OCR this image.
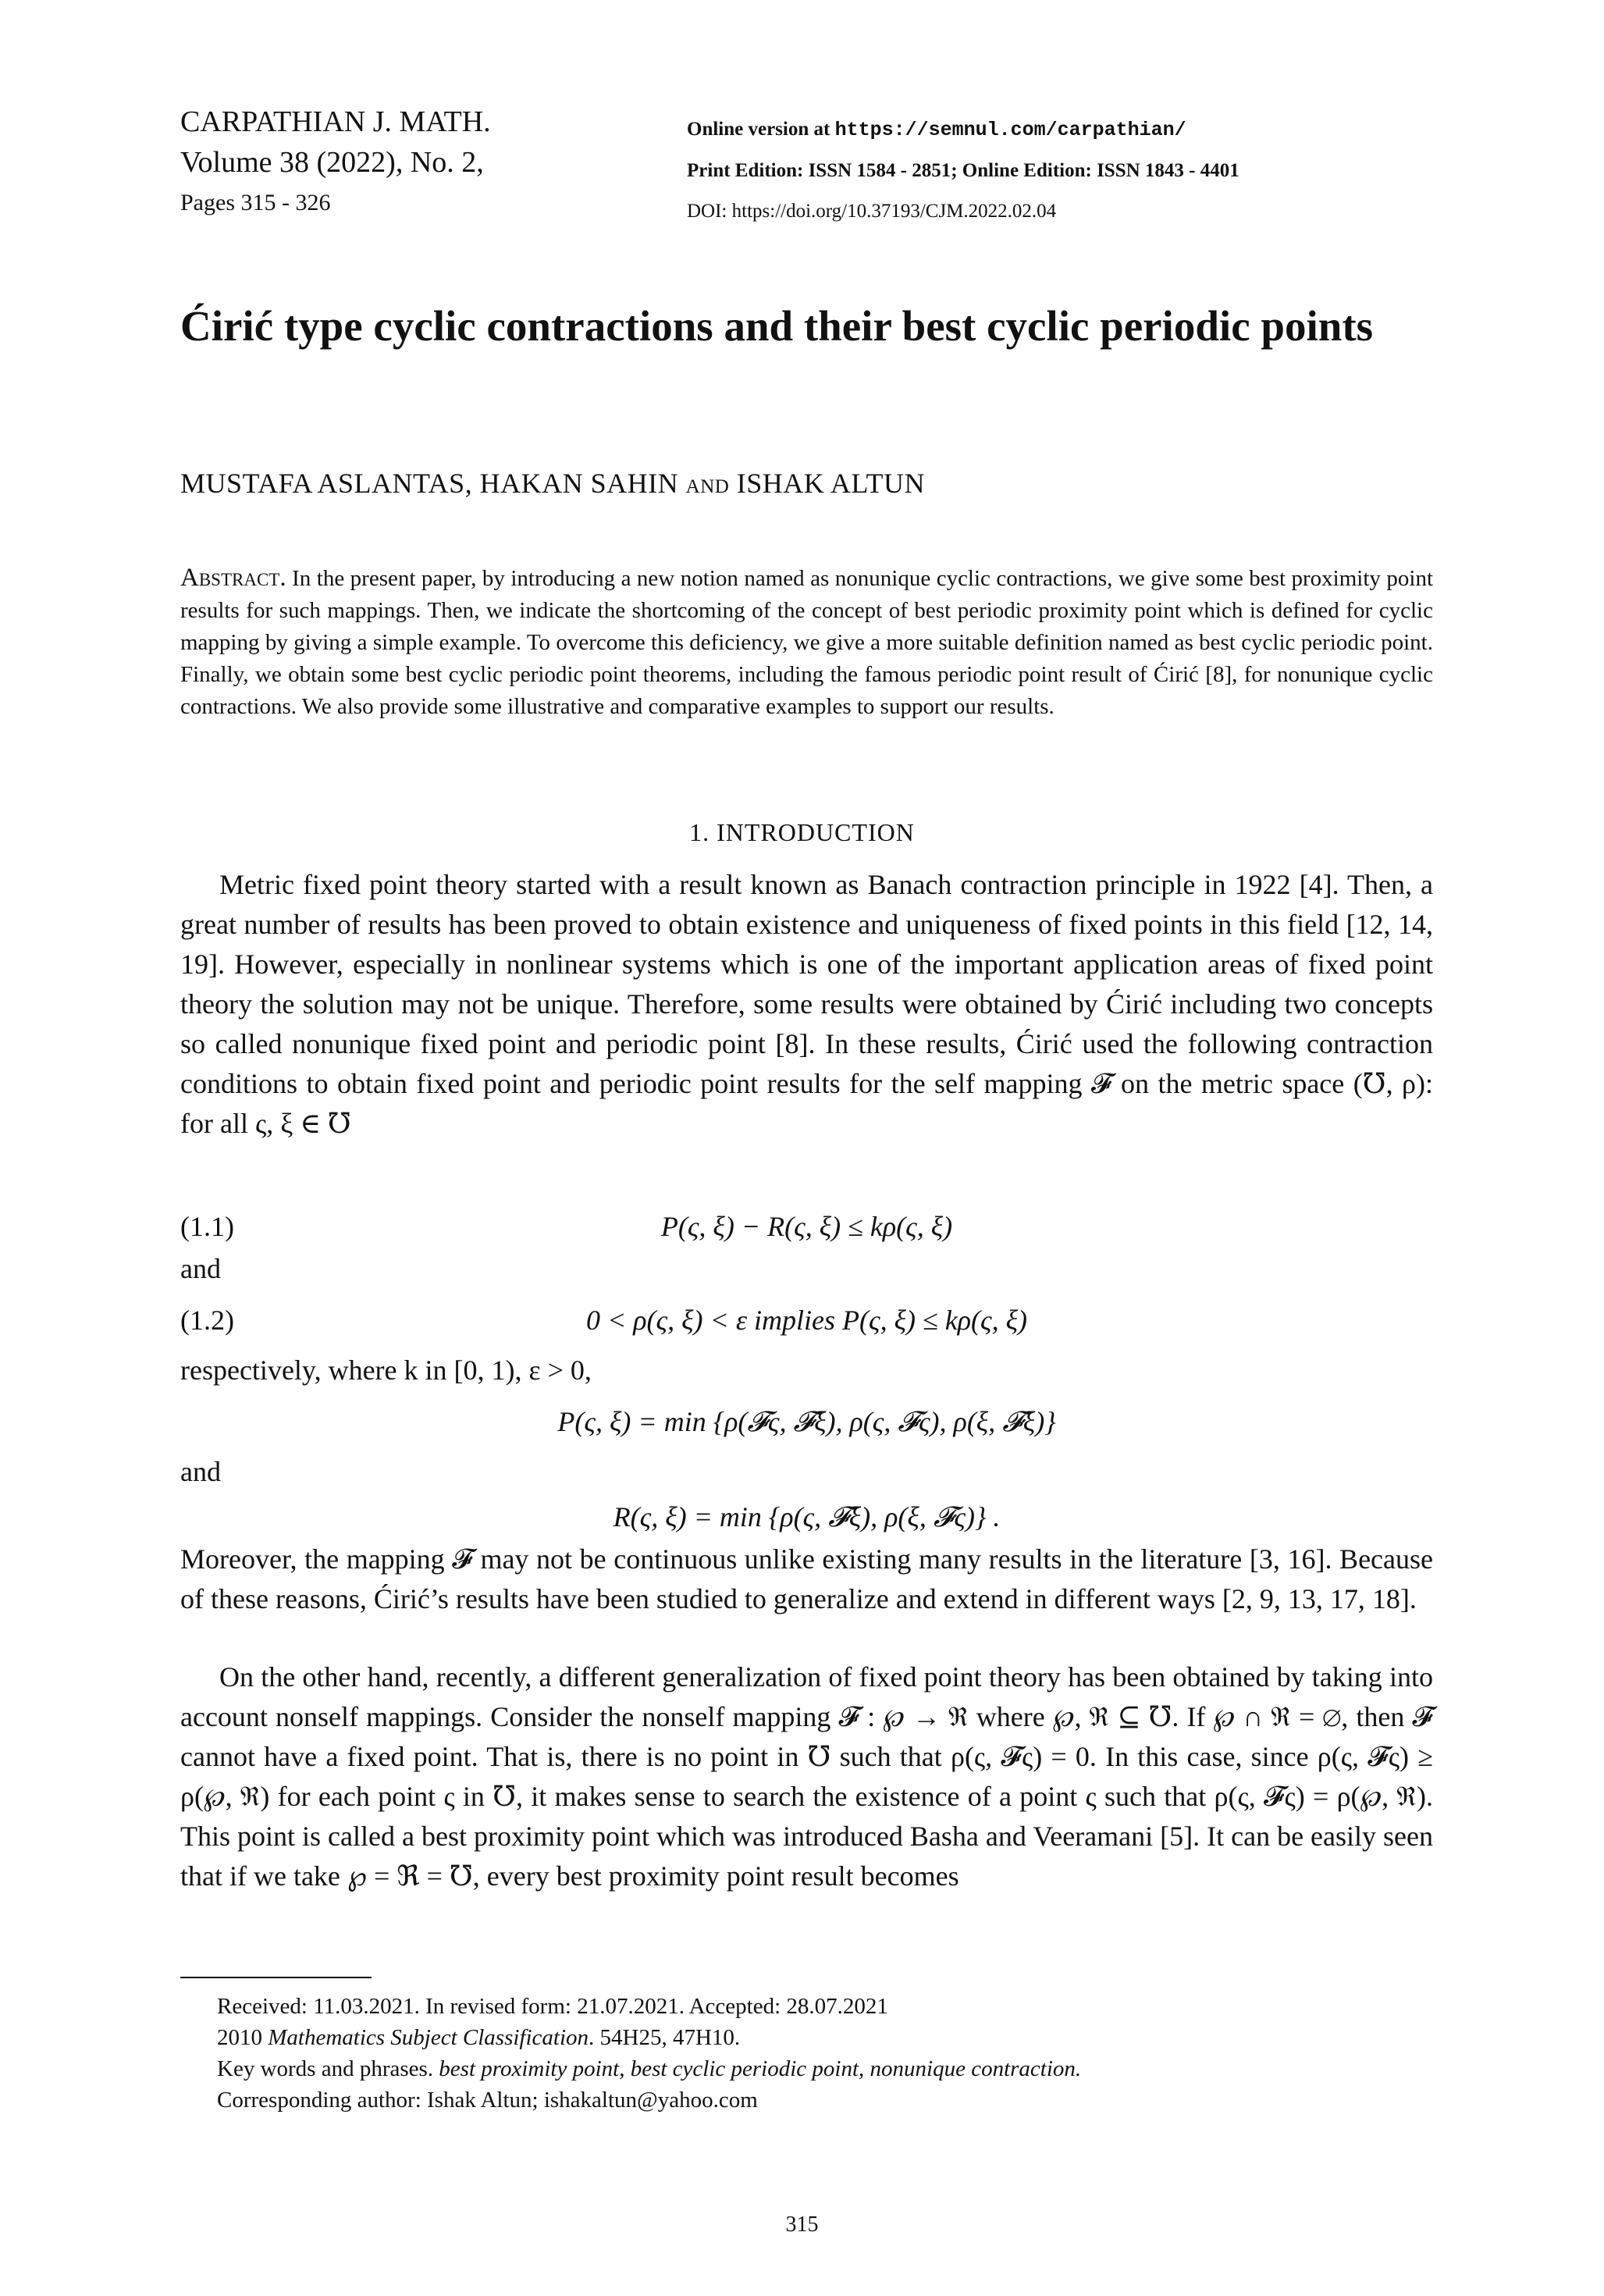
CARPATHIAN J. MATH.
Volume 38 (2022), No. 2,
Pages 315 - 326
Online version at https://semnul.com/carpathian/
Print Edition: ISSN 1584 - 2851; Online Edition: ISSN 1843 - 4401
DOI: https://doi.org/10.37193/CJM.2022.02.04
Ćirić type cyclic contractions and their best cyclic periodic points
MUSTAFA ASLANTAS, HAKAN SAHIN and ISHAK ALTUN
Abstract. In the present paper, by introducing a new notion named as nonunique cyclic contractions, we give some best proximity point results for such mappings. Then, we indicate the shortcoming of the concept of best periodic proximity point which is defined for cyclic mapping by giving a simple example. To overcome this deficiency, we give a more suitable definition named as best cyclic periodic point. Finally, we obtain some best cyclic periodic point theorems, including the famous periodic point result of Ćirić [8], for nonunique cyclic contractions. We also provide some illustrative and comparative examples to support our results.
1. INTRODUCTION
Metric fixed point theory started with a result known as Banach contraction principle in 1922 [4]. Then, a great number of results has been proved to obtain existence and uniqueness of fixed points in this field [12, 14, 19]. However, especially in nonlinear systems which is one of the important application areas of fixed point theory the solution may not be unique. Therefore, some results were obtained by Ćirić including two concepts so called nonunique fixed point and periodic point [8]. In these results, Ćirić used the following contraction conditions to obtain fixed point and periodic point results for the self mapping 𝓕 on the metric space (℧, ρ): for all ς, ξ ∈ ℧
(1.1)	P(ς, ξ) − R(ς, ξ) ≤ kρ(ς, ξ)
and
(1.2)	0 < ρ(ς, ξ) < ε implies P(ς, ξ) ≤ kρ(ς, ξ)
respectively, where k in [0, 1), ε > 0,
P(ς, ξ) = min {ρ(𝓕ς, 𝓕ξ), ρ(ς, 𝓕ς), ρ(ξ, 𝓕ξ)}
and
R(ς, ξ) = min {ρ(ς, 𝓕ξ), ρ(ξ, 𝓕ς)} .
Moreover, the mapping 𝓕 may not be continuous unlike existing many results in the literature [3, 16]. Because of these reasons, Ćirić’s results have been studied to generalize and extend in different ways [2, 9, 13, 17, 18].
On the other hand, recently, a different generalization of fixed point theory has been obtained by taking into account nonself mappings. Consider the nonself mapping 𝓕 : ℘ → ℜ where ℘, ℜ ⊆ ℧. If ℘ ∩ ℜ = ∅, then 𝓕 cannot have a fixed point. That is, there is no point in ℧ such that ρ(ς, 𝓕ς) = 0. In this case, since ρ(ς, 𝓕ς) ≥ ρ(℘, ℜ) for each point ς in ℧, it makes sense to search the existence of a point ς such that ρ(ς, 𝓕ς) = ρ(℘, ℜ). This point is called a best proximity point which was introduced Basha and Veeramani [5]. It can be easily seen that if we take ℘ = ℜ = ℧, every best proximity point result becomes
Received: 11.03.2021. In revised form: 21.07.2021. Accepted: 28.07.2021
2010 Mathematics Subject Classification. 54H25, 47H10.
Key words and phrases. best proximity point, best cyclic periodic point, nonunique contraction.
Corresponding author: Ishak Altun; ishakaltun@yahoo.com
315
